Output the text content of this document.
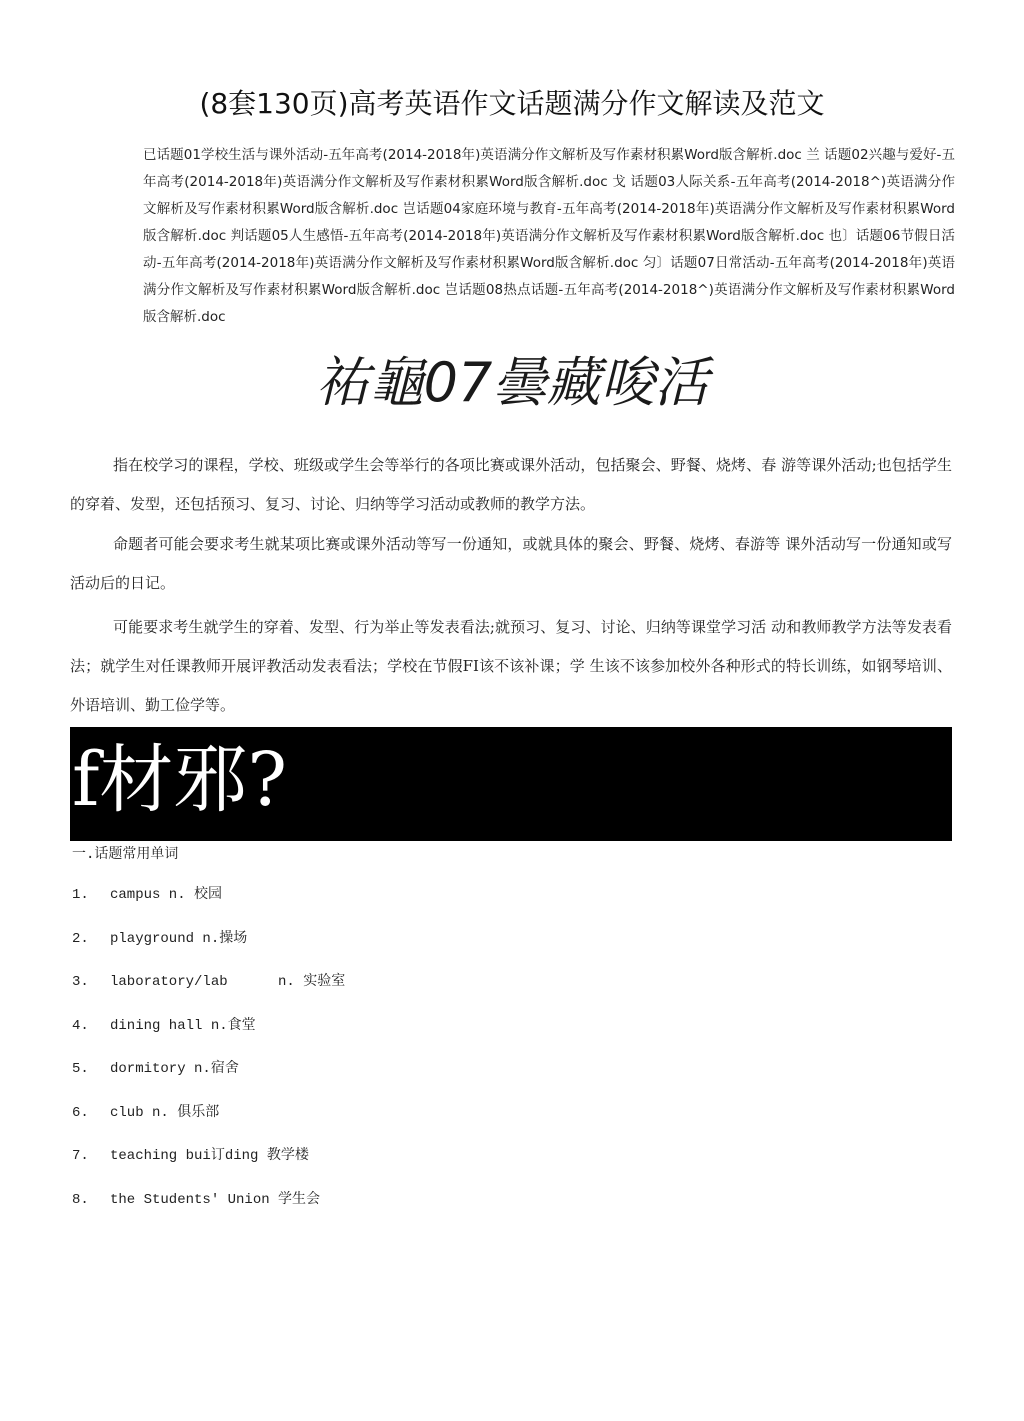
(8套130页)高考英语作文话题满分作文解读及范文
已话题01学校生活与课外活动-五年高考(2014-2018年)英语满分作文解析及写作素材积累Word版含解析.doc 兰 话题02兴趣与爱好-五年高考(2014-2018年)英语满分作文解析及写作素材积累Word版含解析.doc 戈 话题03人际关系-五年高考(2014-2018^)英语满分作文解析及写作素材积累Word版含解析.doc 岂话题04家庭环境与教育-五年高考(2014-2018年)英语满分作文解析及写作素材积累Word版含解析.doc 判话题05人生感悟-五年高考(2014-2018年)英语满分作文解析及写作素材积累Word版含解析.doc 也〕话题06节假日活动-五年高考(2014-2018年)英语满分作文解析及写作素材积累Word版含解析.doc 匀〕话题07日常活动-五年高考(2014-2018年)英语满分作文解析及写作素材积累Word版含解析.doc 岂话题08热点话题-五年高考(2014-2018^)英语满分作文解析及写作素材积累Word版含解析.doc
祐龜07曇藏唆活
指在校学习的课程，学校、班级或学生会等举行的各项比赛或课外活动，包括聚会、野餐、烧烤、春 游等课外活动;也包括学生的穿着、发型，还包括预习、复习、讨论、归纳等学习活动或教师的教学方法。
命题者可能会要求考生就某项比赛或课外活动等写一份通知，或就具体的聚会、野餐、烧烤、春游等 课外活动写一份通知或写活动后的日记。
可能要求考生就学生的穿着、发型、行为举止等发表看法;就预习、复习、讨论、归纳等课堂学习活 动和教师教学方法等发表看法；就学生对任课教师开展评教活动发表看法；学校在节假FI该不该补课；学 生该不该参加校外各种形式的特长训练，如钢琴培训、外语培训、勤工俭学等。
f材邪?
一.话题常用单词
1. campus n. 校园
2. playground n.操场
3. laboratory/lab      n. 实验室
4. dining hall n.食堂
5. dormitory n.宿舍
6. club n. 俱乐部
7. teaching bui订ding 教学楼
8. the Students' Union 学生会
